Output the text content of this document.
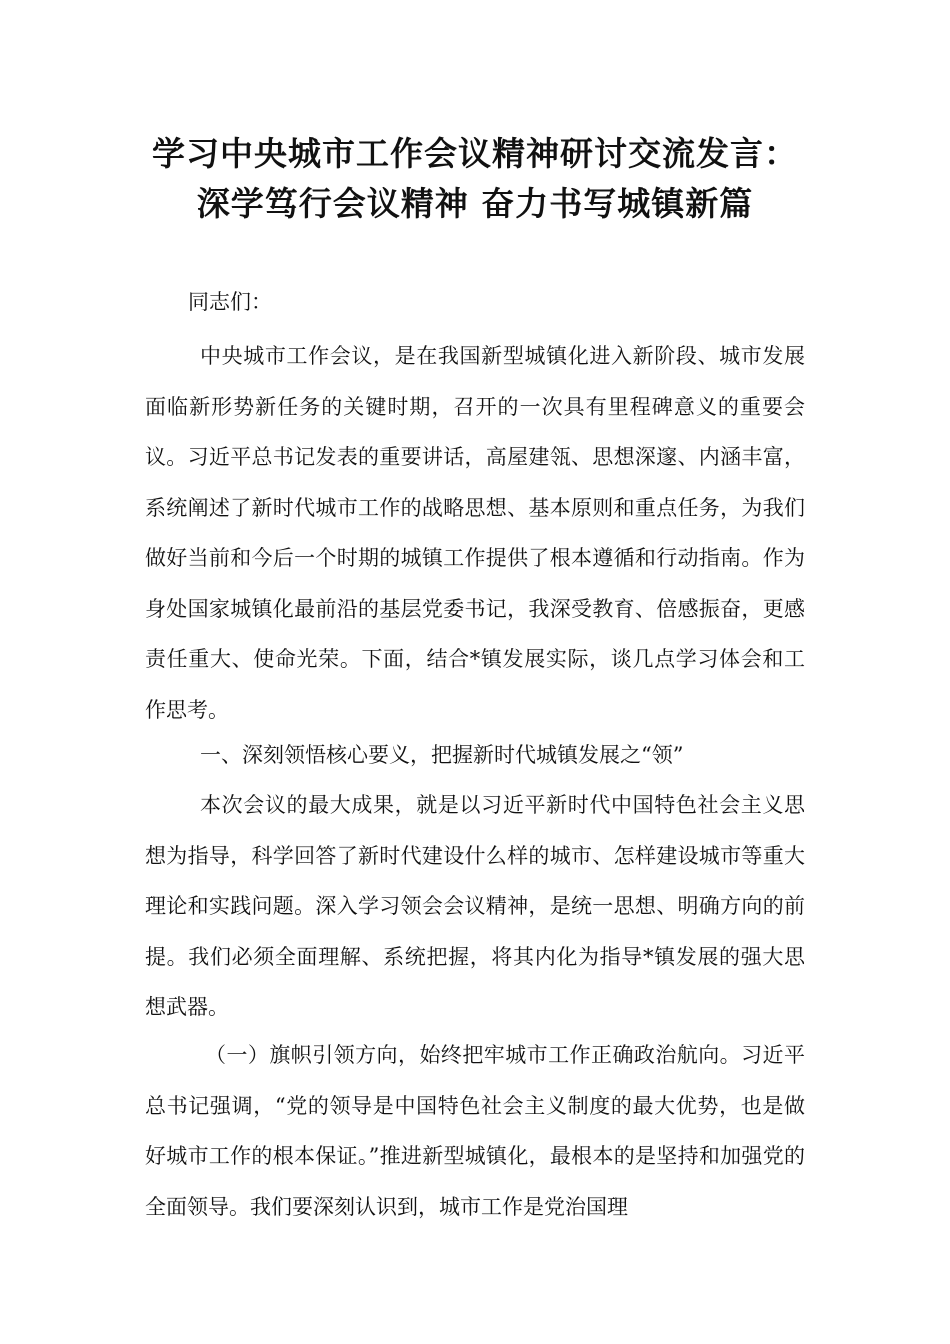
学习中央城市工作会议精神研讨交流发言：
深学笃行会议精神 奋力书写城镇新篇
同志们：
中央城市工作会议，是在我国新型城镇化进入新阶段、城市发展面临新形势新任务的关键时期，召开的一次具有里程碑意义的重要会议。习近平总书记发表的重要讲话，高屋建瓴、思想深邃、内涵丰富，系统阐述了新时代城市工作的战略思想、基本原则和重点任务，为我们做好当前和今后一个时期的城镇工作提供了根本遵循和行动指南。作为身处国家城镇化最前沿的基层党委书记，我深受教育、倍感振奋，更感责任重大、使命光荣。下面，结合*镇发展实际，谈几点学习体会和工作思考。
一、深刻领悟核心要义，把握新时代城镇发展之“领”
本次会议的最大成果，就是以习近平新时代中国特色社会主义思想为指导，科学回答了新时代建设什么样的城市、怎样建设城市等重大理论和实践问题。深入学习领会会议精神，是统一思想、明确方向的前提。我们必须全面理解、系统把握，将其内化为指导*镇发展的强大思想武器。
（一）旗帜引领方向，始终把牢城市工作正确政治航向。习近平总书记强调，“党的领导是中国特色社会主义制度的最大优势，也是做好城市工作的根本保证。”推进新型城镇化，最根本的是坚持和加强党的全面领导。我们要深刻认识到，城市工作是党治国理
